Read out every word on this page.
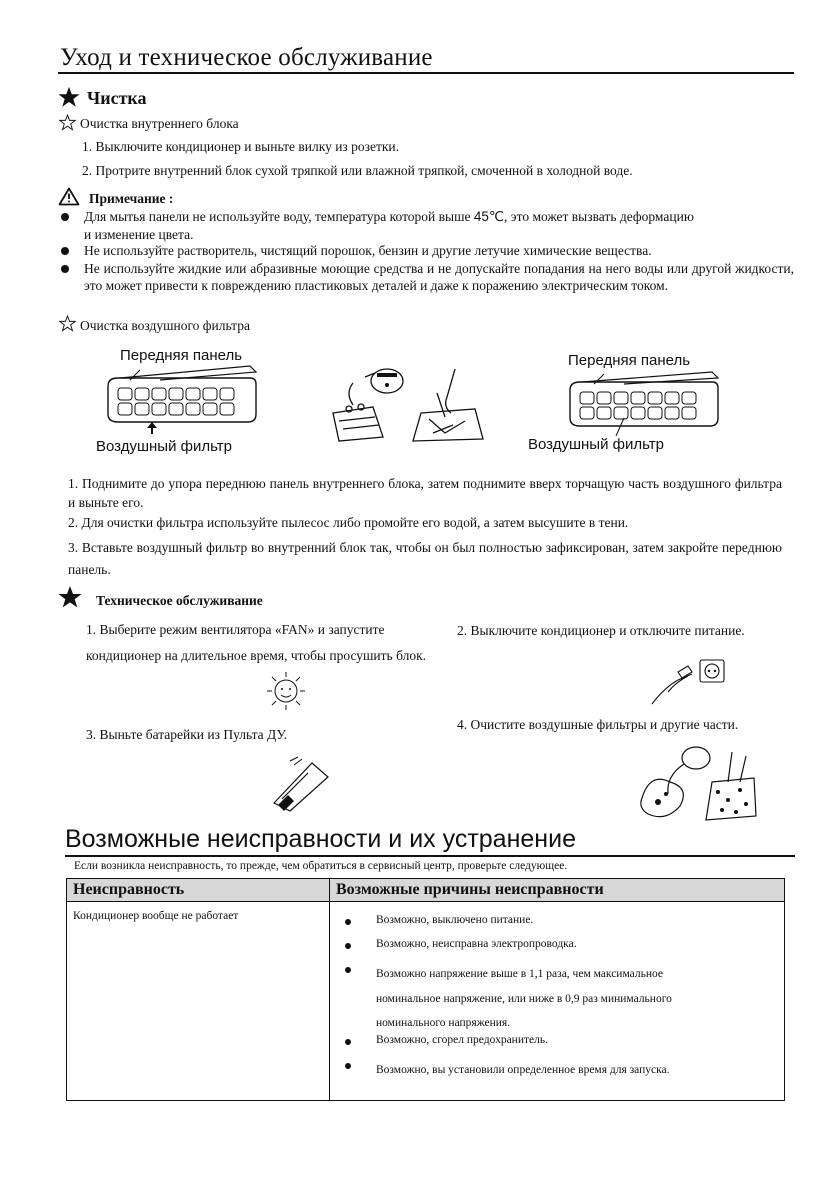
Уход и техническое обслуживание
Чистка
Очистка внутреннего блока
1. Выключите кондиционер и выньте вилку из розетки.
2. Протрите внутренний блок сухой тряпкой или влажной тряпкой, смоченной в холодной воде.
Примечание :
Для мытья панели не используйте воду, температура которой выше 45℃, это может вызвать деформацию
и изменение цвета.
Не используйте растворитель, чистящий порошок, бензин и другие летучие химические вещества.
Не используйте жидкие или абразивные моющие средства и не допускайте попадания на него воды или другой жидкости, это может привести к повреждению пластиковых деталей и даже к поражению электрическим током.
Очистка воздушного фильтра
Передняя панель
Воздушный фильтр
Передняя панель
Воздушный фильтр
1. Поднимите до упора переднюю панель внутреннего блока, затем поднимите вверх торчащую часть воздушного фильтра и выньте его.
2. Для очистки фильтра используйте пылесос либо промойте его водой, а затем высушите в тени.
3. Вставьте воздушный фильтр во внутренний блок так, чтобы он был полностью зафиксирован, затем закройте переднюю панель.
Техническое обслуживание
1. Выберите режим вентилятора «FAN» и запустите кондиционер на длительное время, чтобы просушить блок.
2. Выключите кондиционер и отключите питание.
3. Выньте батарейки из Пульта ДУ.
4. Очистите воздушные фильтры и другие части.
Возможные неисправности и их устранение
Если возникла неисправность, то прежде, чем обратиться в сервисный центр, проверьте следующее.
Неисправность	Возможные причины неисправности
Кондиционер вообще не работает	Возможно, выключено питание.
Возможно, неисправна электропроводка.
Возможно напряжение выше в 1,1 раза, чем максимальное номинальное напряжение, или ниже в 0,9 раз минимального номинального напряжения.
Возможно, сгорел предохранитель.
Возможно, вы установили определенное время для запуска.
